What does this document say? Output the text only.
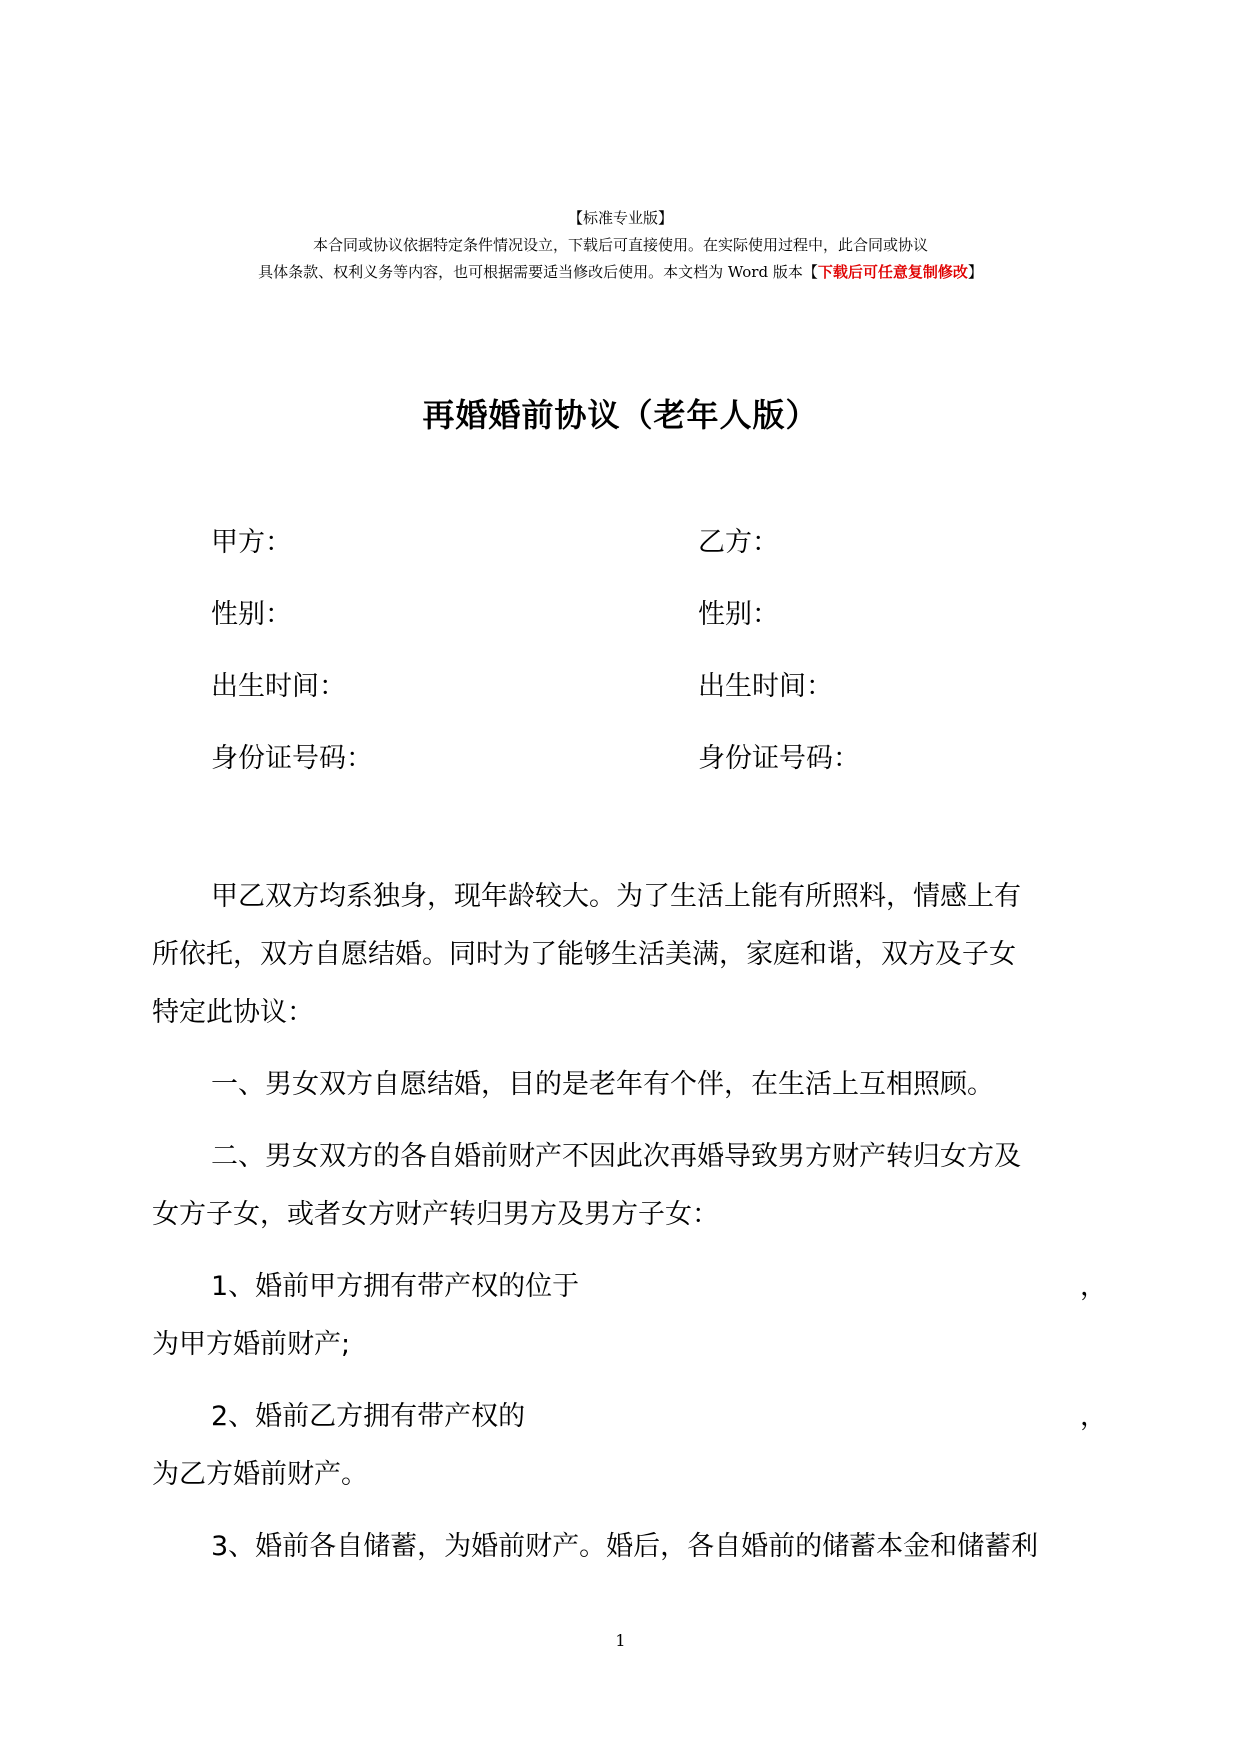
【标准专业版】
本合同或协议依据特定条件情况设立，下载后可直接使用。在实际使用过程中，此合同或协议
具体条款、权利义务等内容，也可根据需要适当修改后使用。本文档为 Word 版本【下载后可任意复制修改】
再婚婚前协议（老年人版）
甲方：	乙方：
性别：	性别：
出生时间：	出生时间：
身份证号码：	身份证号码：
甲乙双方均系独身，现年龄较大。为了生活上能有所照料，情感上有
所依托，双方自愿结婚。同时为了能够生活美满，家庭和谐，双方及子女
特定此协议：
一、男女双方自愿结婚，目的是老年有个伴，在生活上互相照顾。
二、男女双方的各自婚前财产不因此次再婚导致男方财产转归女方及
女方子女，或者女方财产转归男方及男方子女：
1、婚前甲方拥有带产权的位于	，
为甲方婚前财产;
2、婚前乙方拥有带产权的	，
为乙方婚前财产。
3、婚前各自储蓄，为婚前财产。婚后，各自婚前的储蓄本金和储蓄利
1
